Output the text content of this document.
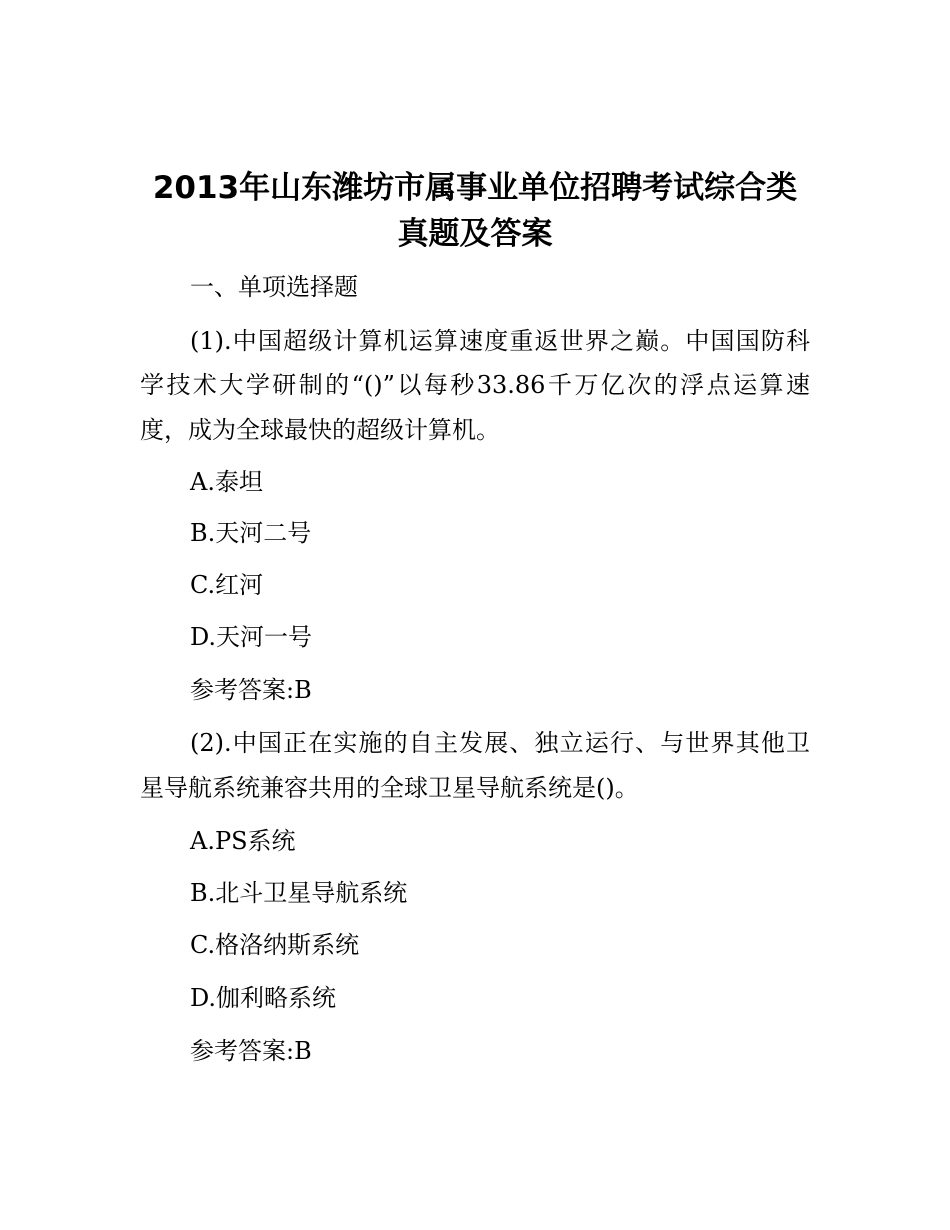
2013年山东潍坊市属事业单位招聘考试综合类
真题及答案

一、单项选择题

(1).中国超级计算机运算速度重返世界之巅。中国国防科

学技术大学研制的“()”以每秒33.86千万亿次的浮点运算速

度，成为全球最快的超级计算机。

A.泰坦

B.天河二号

C.红河

D.天河一号

参考答案:B

(2).中国正在实施的自主发展、独立运行、与世界其他卫

星导航系统兼容共用的全球卫星导航系统是()。

A.PS系统

B.北斗卫星导航系统

C.格洛纳斯系统

D.伽利略系统

参考答案:B
